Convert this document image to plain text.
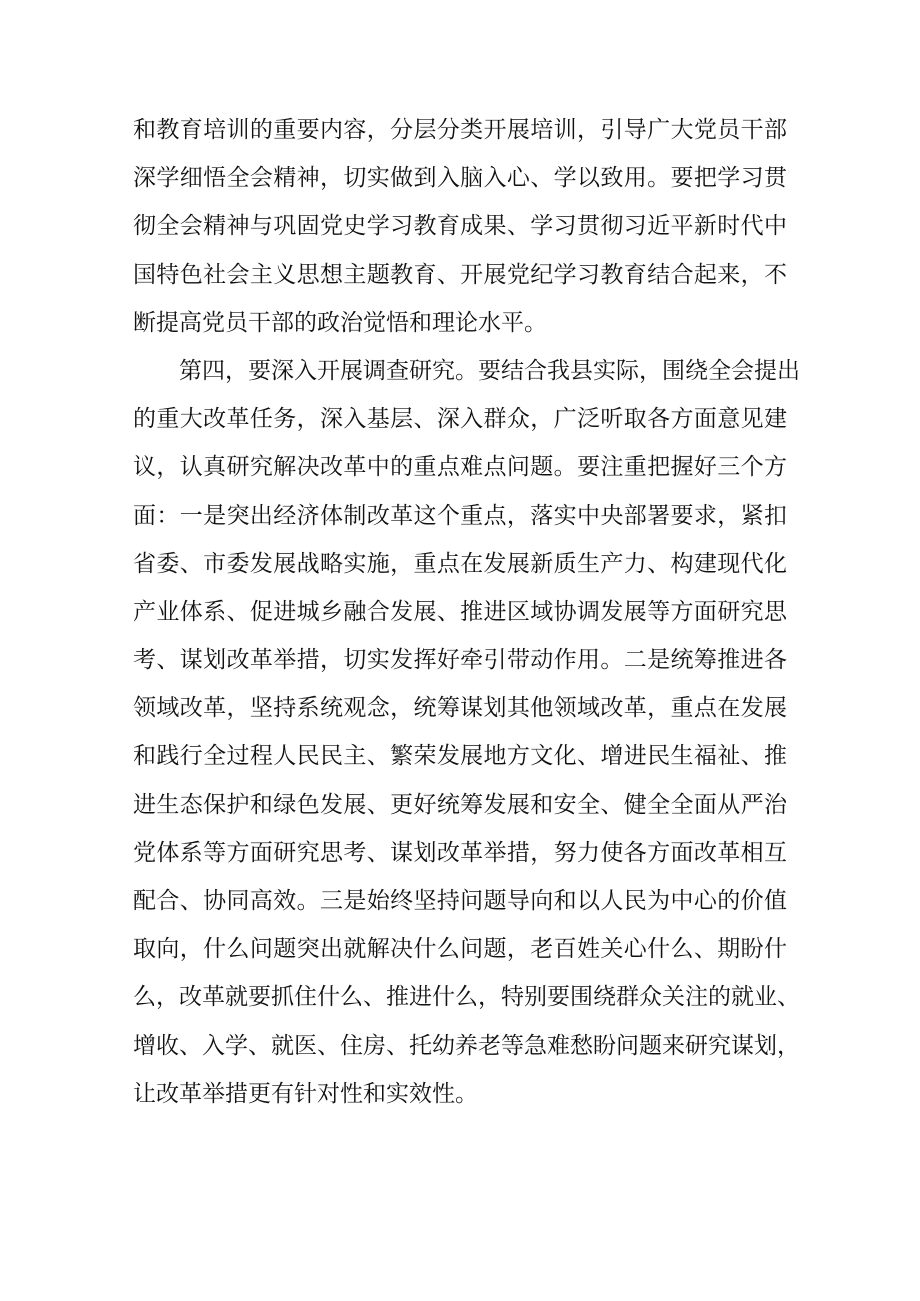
和教育培训的重要内容，分层分类开展培训，引导广大党员干部
深学细悟全会精神，切实做到入脑入心、学以致用。要把学习贯
彻全会精神与巩固党史学习教育成果、学习贯彻习近平新时代中
国特色社会主义思想主题教育、开展党纪学习教育结合起来，不
断提高党员干部的政治觉悟和理论水平。
第四，要深入开展调查研究。要结合我县实际，围绕全会提出
的重大改革任务，深入基层、深入群众，广泛听取各方面意见建
议，认真研究解决改革中的重点难点问题。要注重把握好三个方
面：一是突出经济体制改革这个重点，落实中央部署要求，紧扣
省委、市委发展战略实施，重点在发展新质生产力、构建现代化
产业体系、促进城乡融合发展、推进区域协调发展等方面研究思
考、谋划改革举措，切实发挥好牵引带动作用。二是统筹推进各
领域改革，坚持系统观念，统筹谋划其他领域改革，重点在发展
和践行全过程人民民主、繁荣发展地方文化、增进民生福祉、推
进生态保护和绿色发展、更好统筹发展和安全、健全全面从严治
党体系等方面研究思考、谋划改革举措，努力使各方面改革相互
配合、协同高效。三是始终坚持问题导向和以人民为中心的价值
取向，什么问题突出就解决什么问题，老百姓关心什么、期盼什
么，改革就要抓住什么、推进什么，特别要围绕群众关注的就业、
增收、入学、就医、住房、托幼养老等急难愁盼问题来研究谋划，
让改革举措更有针对性和实效性。
